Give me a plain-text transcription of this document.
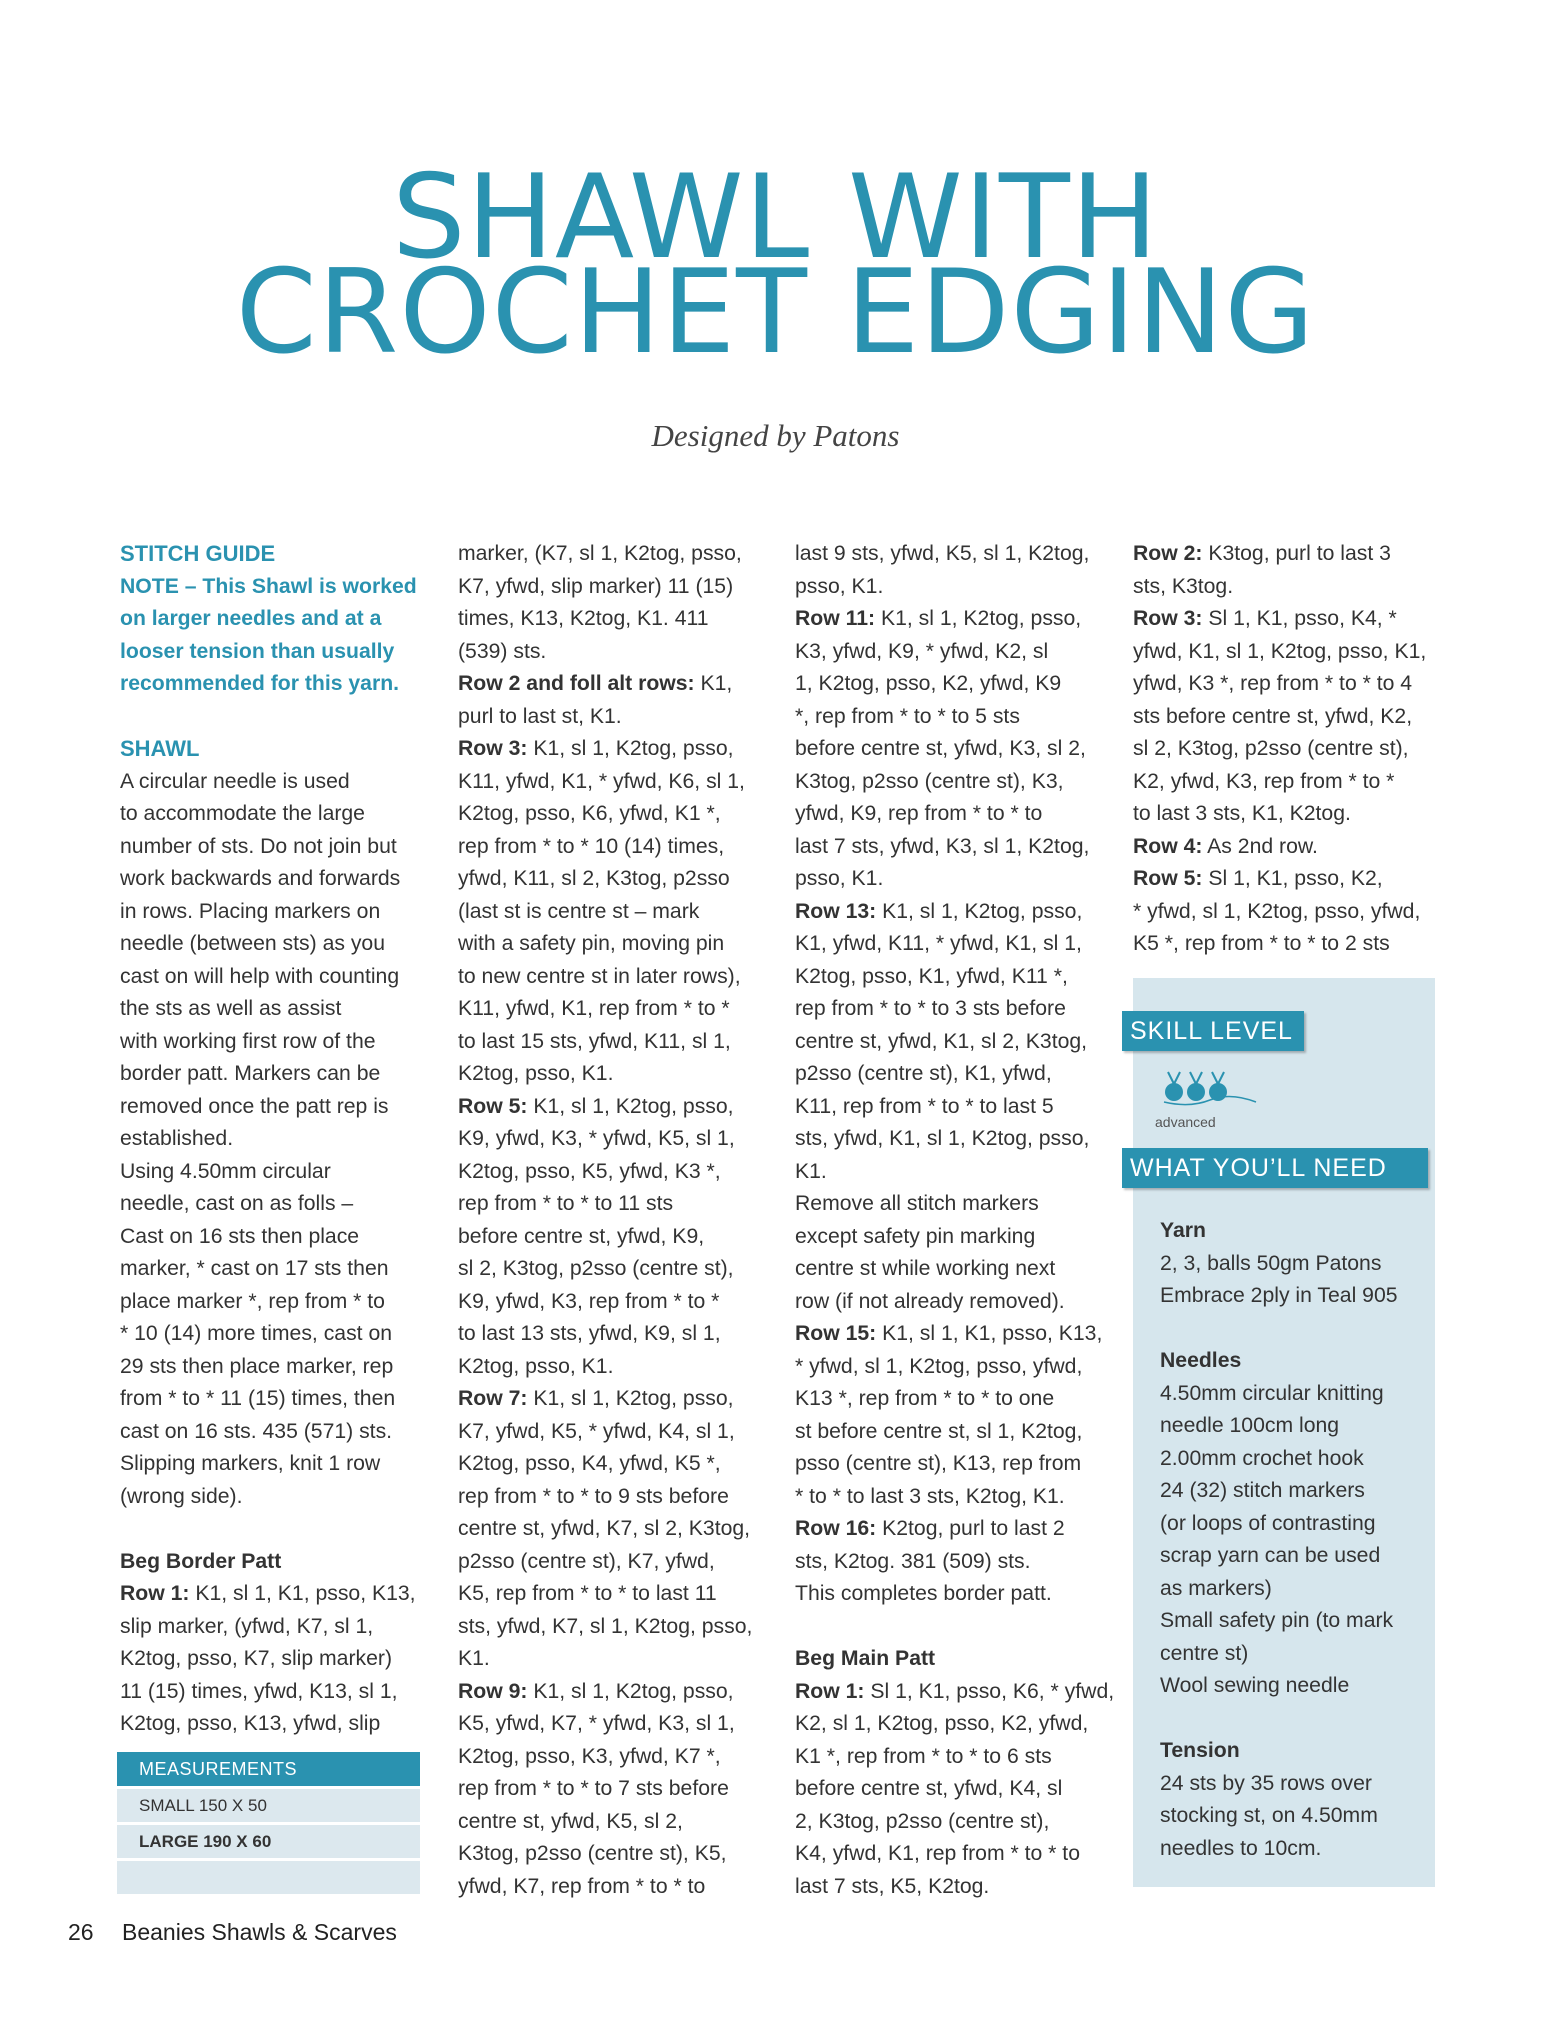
SHAWL WITH
CROCHET EDGING
Designed by Patons
STITCH GUIDE
NOTE – This Shawl is worked
on larger needles and at a
looser tension than usually
recommended for this yarn.
SHAWL
A circular needle is used
to accommodate the large
number of sts. Do not join but
work backwards and forwards
in rows. Placing markers on
needle (between sts) as you
cast on will help with counting
the sts as well as assist
with working first row of the
border patt. Markers can be
removed once the patt rep is
established.
Using 4.50mm circular
needle, cast on as folls –
Cast on 16 sts then place
marker, * cast on 17 sts then
place marker *, rep from * to
* 10 (14) more times, cast on
29 sts then place marker, rep
from * to * 11 (15) times, then
cast on 16 sts. 435 (571) sts.
Slipping markers, knit 1 row
(wrong side).
Beg Border Patt
Row 1: K1, sl 1, K1, psso, K13,
slip marker, (yfwd, K7, sl 1,
K2tog, psso, K7, slip marker)
11 (15) times, yfwd, K13, sl 1,
K2tog, psso, K13, yfwd, slip
MEASUREMENTS
SMALL 150 X 50
LARGE 190 X 60
marker, (K7, sl 1, K2tog, psso,
K7, yfwd, slip marker) 11 (15)
times, K13, K2tog, K1. 411
(539) sts.
Row 2 and foll alt rows: K1,
purl to last st, K1.
Row 3: K1, sl 1, K2tog, psso,
K11, yfwd, K1, * yfwd, K6, sl 1,
K2tog, psso, K6, yfwd, K1 *,
rep from * to * 10 (14) times,
yfwd, K11, sl 2, K3tog, p2sso
(last st is centre st – mark
with a safety pin, moving pin
to new centre st in later rows),
K11, yfwd, K1, rep from * to *
to last 15 sts, yfwd, K11, sl 1,
K2tog, psso, K1.
Row 5: K1, sl 1, K2tog, psso,
K9, yfwd, K3, * yfwd, K5, sl 1,
K2tog, psso, K5, yfwd, K3 *,
rep from * to * to 11 sts
before centre st, yfwd, K9,
sl 2, K3tog, p2sso (centre st),
K9, yfwd, K3, rep from * to *
to last 13 sts, yfwd, K9, sl 1,
K2tog, psso, K1.
Row 7: K1, sl 1, K2tog, psso,
K7, yfwd, K5, * yfwd, K4, sl 1,
K2tog, psso, K4, yfwd, K5 *,
rep from * to * to 9 sts before
centre st, yfwd, K7, sl 2, K3tog,
p2sso (centre st), K7, yfwd,
K5, rep from * to * to last 11
sts, yfwd, K7, sl 1, K2tog, psso,
K1.
Row 9: K1, sl 1, K2tog, psso,
K5, yfwd, K7, * yfwd, K3, sl 1,
K2tog, psso, K3, yfwd, K7 *,
rep from * to * to 7 sts before
centre st, yfwd, K5, sl 2,
K3tog, p2sso (centre st), K5,
yfwd, K7, rep from * to * to
last 9 sts, yfwd, K5, sl 1, K2tog,
psso, K1.
Row 11: K1, sl 1, K2tog, psso,
K3, yfwd, K9, * yfwd, K2, sl
1, K2tog, psso, K2, yfwd, K9
*, rep from * to * to 5 sts
before centre st, yfwd, K3, sl 2,
K3tog, p2sso (centre st), K3,
yfwd, K9, rep from * to * to
last 7 sts, yfwd, K3, sl 1, K2tog,
psso, K1.
Row 13: K1, sl 1, K2tog, psso,
K1, yfwd, K11, * yfwd, K1, sl 1,
K2tog, psso, K1, yfwd, K11 *,
rep from * to * to 3 sts before
centre st, yfwd, K1, sl 2, K3tog,
p2sso (centre st), K1, yfwd,
K11, rep from * to * to last 5
sts, yfwd, K1, sl 1, K2tog, psso,
K1.
Remove all stitch markers
except safety pin marking
centre st while working next
row (if not already removed).
Row 15: K1, sl 1, K1, psso, K13,
* yfwd, sl 1, K2tog, psso, yfwd,
K13 *, rep from * to * to one
st before centre st, sl 1, K2tog,
psso (centre st), K13, rep from
* to * to last 3 sts, K2tog, K1.
Row 16: K2tog, purl to last 2
sts, K2tog. 381 (509) sts.
This completes border patt.
Beg Main Patt
Row 1: Sl 1, K1, psso, K6, * yfwd,
K2, sl 1, K2tog, psso, K2, yfwd,
K1 *, rep from * to * to 6 sts
before centre st, yfwd, K4, sl
2, K3tog, p2sso (centre st),
K4, yfwd, K1, rep from * to * to
last 7 sts, K5, K2tog.
Row 2: K3tog, purl to last 3
sts, K3tog.
Row 3: Sl 1, K1, psso, K4, *
yfwd, K1, sl 1, K2tog, psso, K1,
yfwd, K3 *, rep from * to * to 4
sts before centre st, yfwd, K2,
sl 2, K3tog, p2sso (centre st),
K2, yfwd, K3, rep from * to *
to last 3 sts, K1, K2tog.
Row 4: As 2nd row.
Row 5: Sl 1, K1, psso, K2,
* yfwd, sl 1, K2tog, psso, yfwd,
K5 *, rep from * to * to 2 sts
SKILL LEVEL
advanced
WHAT YOU’LL NEED
Yarn
2, 3, balls 50gm Patons
Embrace 2ply in Teal 905
Needles
4.50mm circular knitting
needle 100cm long
2.00mm crochet hook
24 (32) stitch markers
(or loops of contrasting
scrap yarn can be used
as markers)
Small safety pin (to mark
centre st)
Wool sewing needle
Tension
24 sts by 35 rows over
stocking st, on 4.50mm
needles to 10cm.
26 Beanies Shawls & Scarves
